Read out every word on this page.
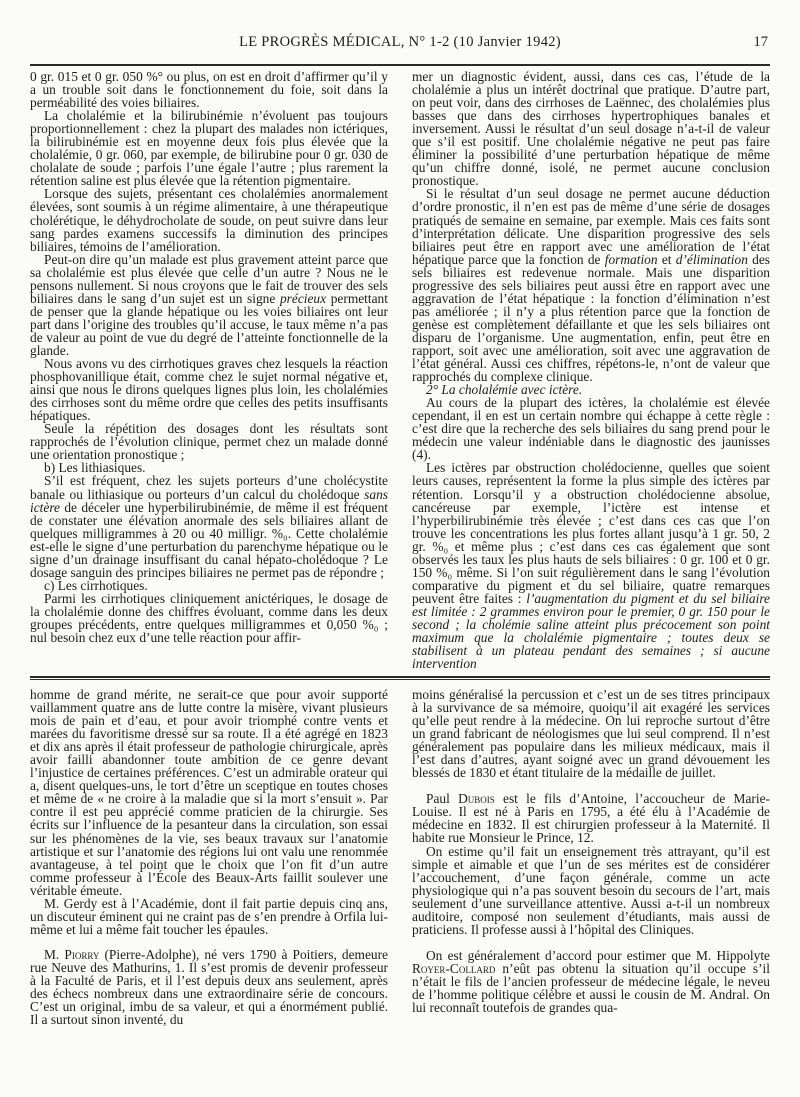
LE PROGRÈS MÉDICAL, N° 1-2 (10 Janvier 1942)	17

0 gr. 015 et 0 gr. 050 %° ou plus, on est en droit d’affirmer qu’il y a un trouble soit dans le fonctionnement du foie, soit dans la perméabilité des voies biliaires.

La cholalémie et la bilirubinémie n’évoluent pas toujours proportionnellement : chez la plupart des malades non ictériques, la bilirubinémie est en moyenne deux fois plus élevée que la cholalémie, 0 gr. 060, par exemple, de bilirubine pour 0 gr. 030 de cholalate de soude ; parfois l’une égale l’autre ; plus rarement la rétention saline est plus élevée que la rétention pigmentaire.

Lorsque des sujets, présentant ces cholalémies anormalement élevées, sont soumis à un régime alimentaire, à une thérapeutique cholérétique, le déhydrocholate de soude, on peut suivre dans leur sang pardes examens successifs la diminution des principes biliaires, témoins de l’amélioration.

Peut-on dire qu’un malade est plus gravement atteint parce que sa cholalémie est plus élevée que celle d’un autre ? Nous ne le pensons nullement. Si nous croyons que le fait de trouver des sels biliaires dans le sang d’un sujet est un signe précieux permettant de penser que la glande hépatique ou les voies biliaires ont leur part dans l’origine des troubles qu’il accuse, le taux même n’a pas de valeur au point de vue du degré de l’atteinte fonctionnelle de la glande.

Nous avons vu des cirrhotiques graves chez lesquels la réaction phosphovanillique était, comme chez le sujet normal négative et, ainsi que nous le dirons quelques lignes plus loin, les cholalémies des cirrhoses sont du même ordre que celles des petits insuffisants hépatiques.

Seule la répétition des dosages dont les résultats sont rapprochés de l’évolution clinique, permet chez un malade donné une orientation pronostique ;

b) Les lithiasiques.

S’il est fréquent, chez les sujets porteurs d’une cholécystite banale ou lithiasique ou porteurs d’un calcul du cholédoque sans ictère de déceler une hyperbilirubinémie, de même il est fréquent de constater une élévation anormale des sels biliaires allant de quelques milligrammes à 20 ou 40 milligr. %₀. Cette cholalémie est-elle le signe d’une perturbation du parenchyme hépatique ou le signe d’un drainage insuffisant du canal hépato-cholédoque ? Le dosage sanguin des principes biliaires ne permet pas de répondre ;

c) Les cirrhotiques.

Parmi les cirrhotiques cliniquement anictériques, le dosage de la cholalémie donne des chiffres évoluant, comme dans les deux groupes précédents, entre quelques milligrammes et 0,050 %₀ ; nul besoin chez eux d’une telle réaction pour affir-

mer un diagnostic évident, aussi, dans ces cas, l’étude de la cholalémie a plus un intérêt doctrinal que pratique. D’autre part, on peut voir, dans des cirrhoses de Laënnec, des cholalémies plus basses que dans des cirrhoses hypertrophiques banales et inversement. Aussi le résultat d’un seul dosage n’a-t-il de valeur que s’il est positif. Une cholalémie négative ne peut pas faire éliminer la possibilité d’une perturbation hépatique de même qu’un chiffre donné, isolé, ne permet aucune conclusion pronostique.

Si le résultat d’un seul dosage ne permet aucune déduction d’ordre pronostic, il n’en est pas de même d’une série de dosages pratiqués de semaine en semaine, par exemple. Mais ces faits sont d’interprétation délicate. Une disparition progressive des sels biliaires peut être en rapport avec une amélioration de l’état hépatique parce que la fonction de formation et d’élimination des sels biliaires est redevenue normale. Mais une disparition progressive des sels biliaires peut aussi être en rapport avec une aggravation de l’état hépatique : la fonction d’élimination n’est pas améliorée ; il n’y a plus rétention parce que la fonction de genèse est complètement défaillante et que les sels biliaires ont disparu de l’organisme. Une augmentation, enfin, peut être en rapport, soit avec une amélioration, soit avec une aggravation de l’état général. Aussi ces chiffres, répétons-le, n’ont de valeur que rapprochés du complexe clinique.

2° La cholalémie avec ictère.

Au cours de la plupart des ictères, la cholalémie est élevée cependant, il en est un certain nombre qui échappe à cette règle : c’est dire que la recherche des sels biliaires du sang prend pour le médecin une valeur indéniable dans le diagnostic des jaunisses (4).

Les ictères par obstruction cholédocienne, quelles que soient leurs causes, représentent la forme la plus simple des ictères par rétention. Lorsqu’il y a obstruction cholédocienne absolue, cancéreuse par exemple, l’ictère est intense et l’hyperbilirubinémie très élevée ; c’est dans ces cas que l’on trouve les concentrations les plus fortes allant jusqu’à 1 gr. 50, 2 gr. %₀ et même plus ; c’est dans ces cas également que sont observés les taux les plus hauts de sels biliaires : 0 gr. 100 et 0 gr. 150 %₀ même. Si l’on suit régulièrement dans le sang l’évolution comparative du pigment et du sel biliaire, quatre remarques peuvent être faites : l’augmentation du pigment et du sel biliaire est limitée : 2 grammes environ pour le premier, 0 gr. 150 pour le second ; la cholémie saline atteint plus précocement son point maximum que la cholalémie pigmentaire ; toutes deux se stabilisent à un plateau pendant des semaines ; si aucune intervention

homme de grand mérite, ne serait-ce que pour avoir supporté vaillamment quatre ans de lutte contre la misère, vivant plusieurs mois de pain et d’eau, et pour avoir triomphé contre vents et marées du favoritisme dressé sur sa route. Il a été agrégé en 1823 et dix ans après il était professeur de pathologie chirurgicale, après avoir failli abandonner toute ambition de ce genre devant l’injustice de certaines préférences. C’est un admirable orateur qui a, disent quelques-uns, le tort d’être un sceptique en toutes choses et même de « ne croire à la maladie que si la mort s’ensuit ». Par contre il est peu apprécié comme praticien de la chirurgie. Ses écrits sur l’influence de la pesanteur dans la circulation, son essai sur les phénomènes de la vie, ses beaux travaux sur l’anatomie artistique et sur l’anatomie des régions lui ont valu une renommée avantageuse, à tel point que le choix que l’on fit d’un autre comme professeur à l’École des Beaux-Arts faillit soulever une véritable émeute.

M. Gerdy est à l’Académie, dont il fait partie depuis cinq ans, un discuteur éminent qui ne craint pas de s’en prendre à Orfila lui-même et lui a même fait toucher les épaules.

M. Piorry (Pierre-Adolphe), né vers 1790 à Poitiers, demeure rue Neuve des Mathurins, 1. Il s’est promis de devenir professeur à la Faculté de Paris, et il l’est depuis deux ans seulement, après des échecs nombreux dans une extraordinaire série de concours. C’est un original, imbu de sa valeur, et qui a énormément publié. Il a surtout sinon inventé, du

moins généralisé la percussion et c’est un de ses titres principaux à la survivance de sa mémoire, quoiqu’il ait exagéré les services qu’elle peut rendre à la médecine. On lui reproche surtout d’être un grand fabricant de néologismes que lui seul comprend. Il n’est généralement pas populaire dans les milieux médicaux, mais il l’est dans d’autres, ayant soigné avec un grand dévouement les blessés de 1830 et étant titulaire de la médaille de juillet.

Paul Dubois est le fils d’Antoine, l’accoucheur de Marie-Louise. Il est né à Paris en 1795, a été élu à l’Académie de médecine en 1832. Il est chirurgien professeur à la Maternité. Il habite rue Monsieur le Prince, 12.

On estime qu’il fait un enseignement très attrayant, qu’il est simple et aimable et que l’un de ses mérites est de considérer l’accouchement, d’une façon générale, comme un acte physiologique qui n’a pas souvent besoin du secours de l’art, mais seulement d’une surveillance attentive. Aussi a-t-il un nombreux auditoire, composé non seulement d’étudiants, mais aussi de praticiens. Il professe aussi à l’hôpital des Cliniques.

On est généralement d’accord pour estimer que M. Hippolyte Royer-Collard n’eût pas obtenu la situation qu’il occupe s’il n’était le fils de l’ancien professeur de médecine légale, le neveu de l’homme politique célèbre et aussi le cousin de M. Andral. On lui reconnaît toutefois de grandes qua-
